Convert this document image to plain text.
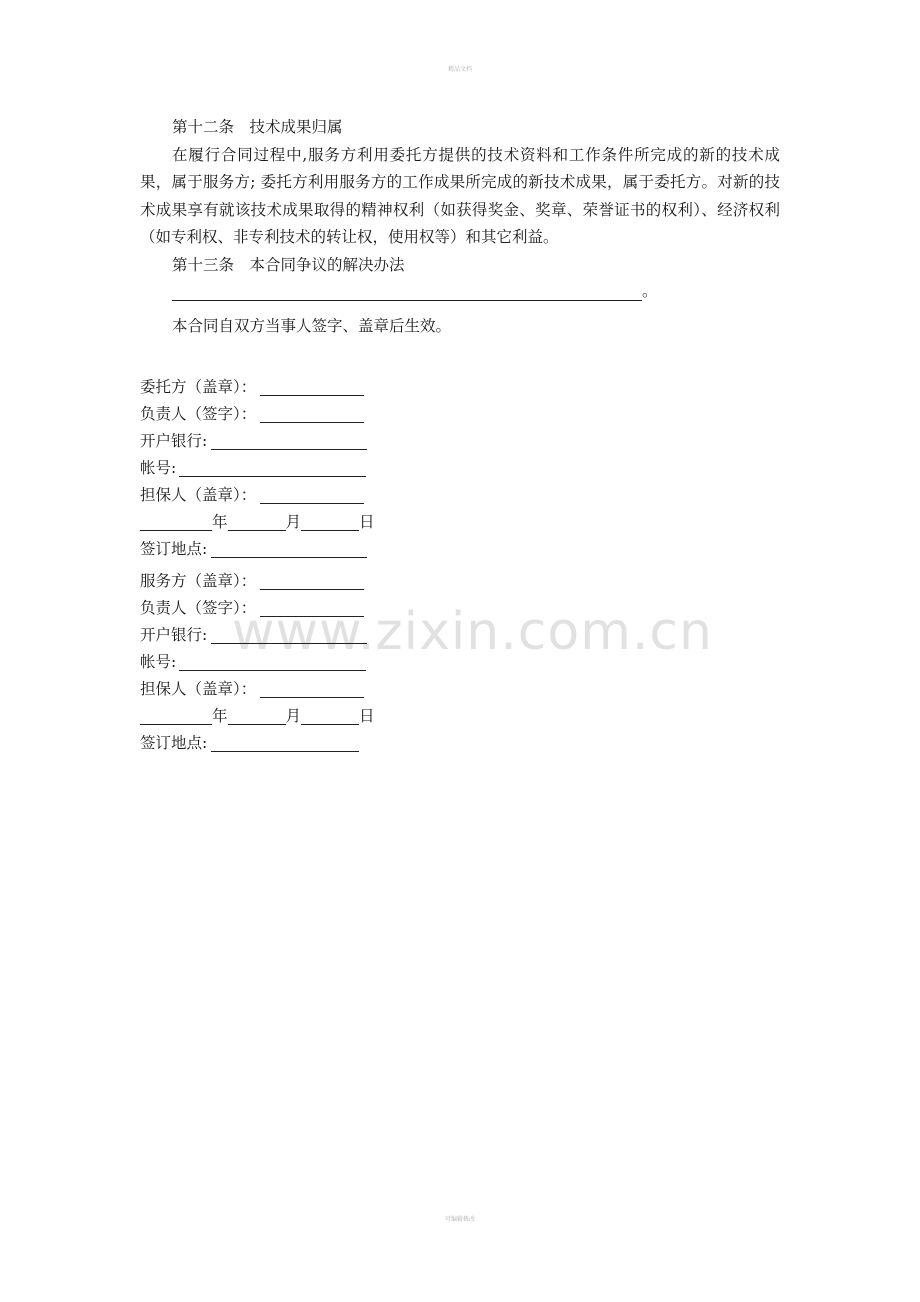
精品文档
www.zixin.com.cn

第十二条　技术成果归属

在履行合同过程中,服务方利用委托方提供的技术资料和工作条件所完成的新的技术成果，属于服务方; 委托方利用服务方的工作成果所完成的新技术成果，属于委托方。对新的技术成果享有就该技术成果取得的精神权利（如获得奖金、奖章、荣誉证书的权利）、经济权利（如专利权、非专利技术的转让权，使用权等）和其它利益。

第十三条　本合同争议的解决办法

。

本合同自双方当事人签字、盖章后生效。

委托方（盖章）：
负责人（签字）：
开户银行:
帐号:
担保人（盖章）：
年	月	日
签订地点:
服务方（盖章）：
负责人（签字）：
开户银行:
帐号:
担保人（盖章）：
年	月	日
签订地点:
可编辑修改
